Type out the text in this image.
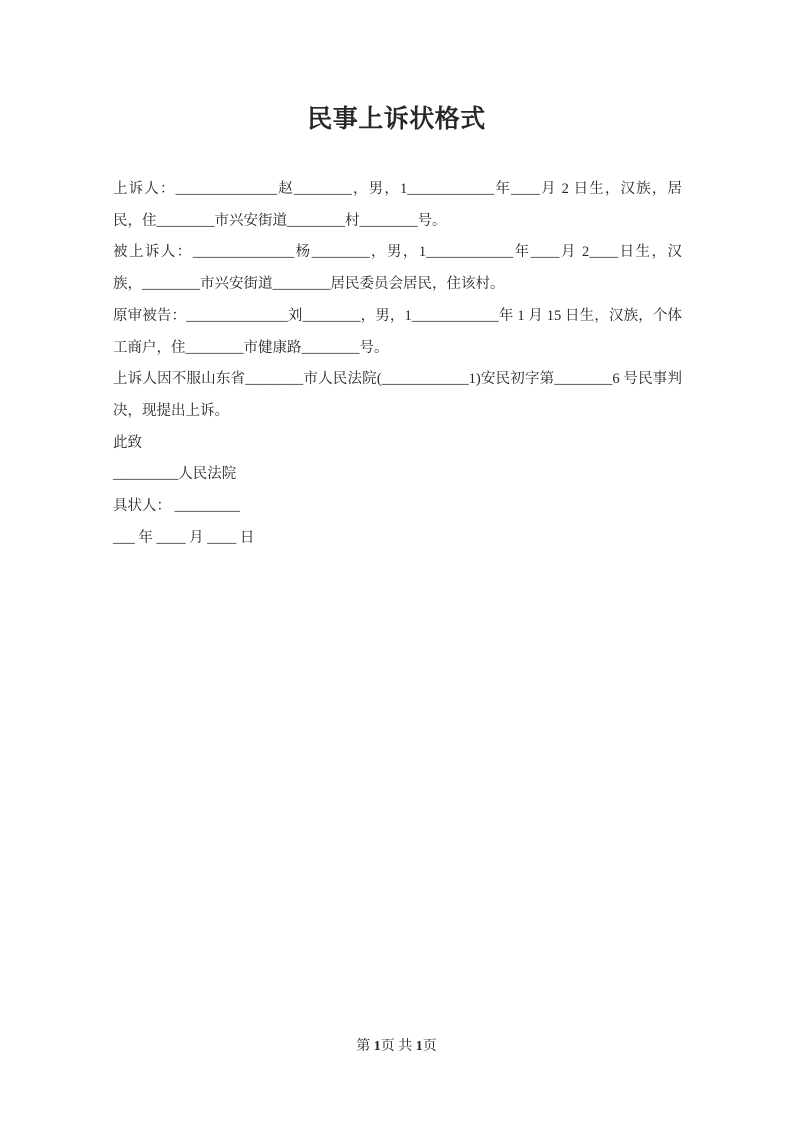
民事上诉状格式

上诉人：______________赵________，男，1____________年____月 2 日生，汉族，居民，住________市兴安街道________村________号。

被上诉人：______________杨________，男，1____________年____月 2____日生，汉族，________市兴安街道________居民委员会居民，住该村。

原审被告：______________刘________，男，1____________年 1 月 15 日生，汉族，个体工商户，住________市健康路________号。

上诉人因不服山东省________市人民法院(____________1)安民初字第________6 号民事判决，现提出上诉。

此致

_________人民法院

具状人： _________

___ 年 ____ 月 ____ 日

第 1页 共 1页
